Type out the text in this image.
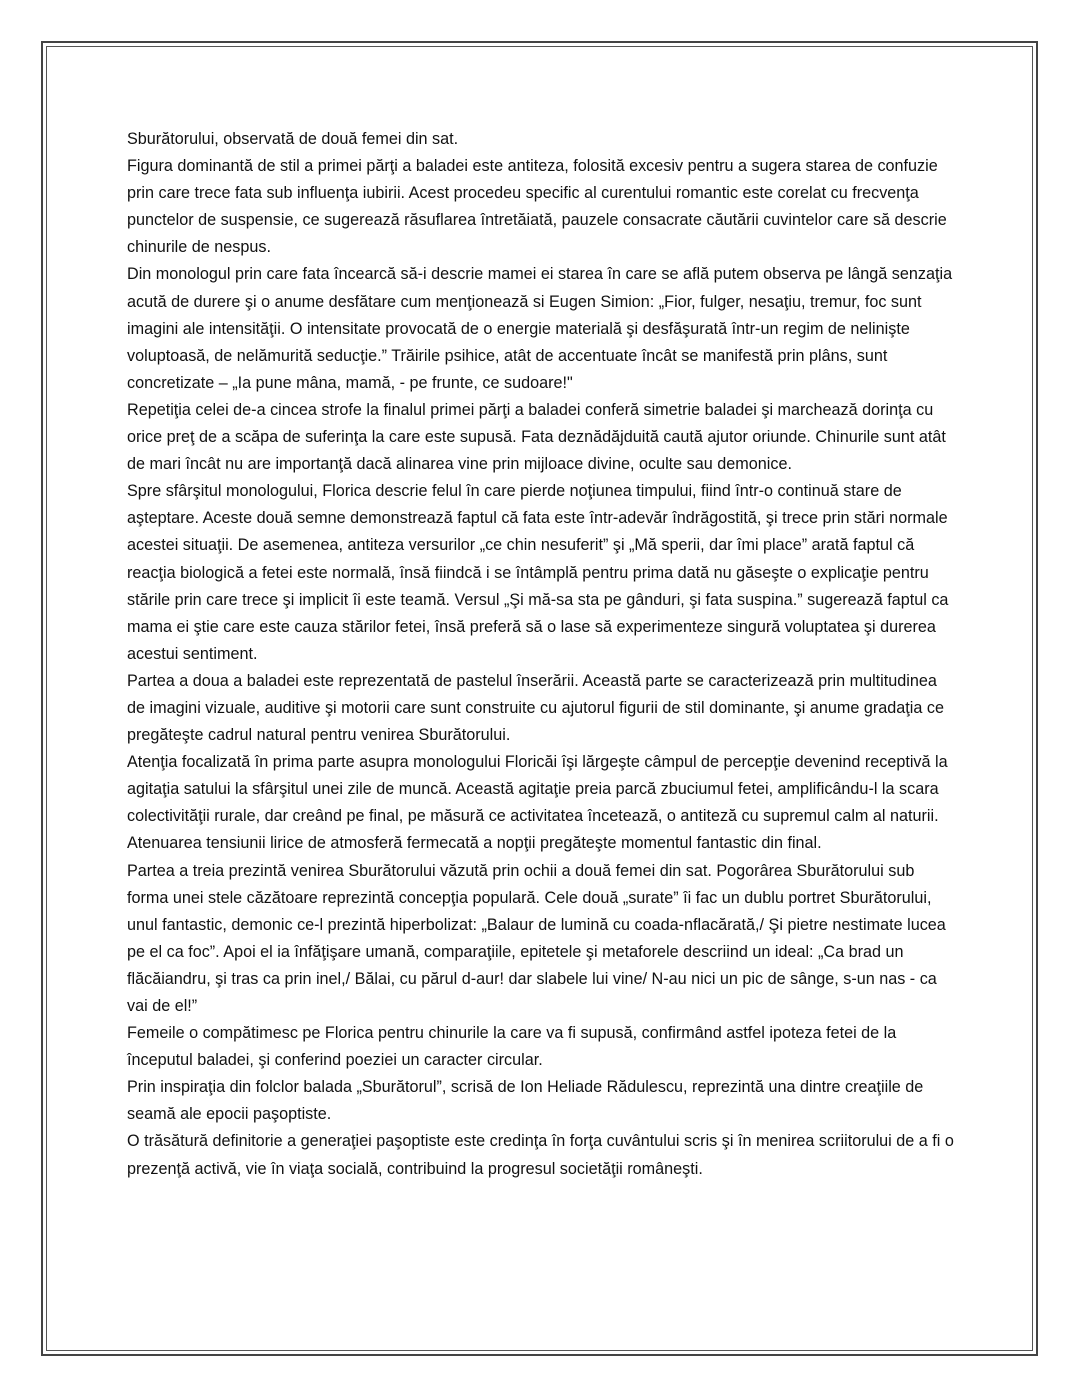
Sburătorului, observată de două femei din sat.

Figura dominantă de stil a primei părţi a baladei este antiteza, folosită excesiv pentru a sugera starea de confuzie prin care trece fata sub influenţa iubirii. Acest procedeu specific al curentului romantic este corelat cu frecvenţa punctelor de suspensie, ce sugerează răsuflarea întretăiată, pauzele consacrate căutării cuvintelor care să descrie chinurile de nespus.

Din monologul prin care fata încearcă să-i descrie mamei ei starea în care se află putem observa pe lângă senzaţia acută de durere şi o anume desfătare cum menţionează si Eugen Simion: „Fior, fulger, nesaţiu, tremur, foc sunt imagini ale intensităţii. O intensitate provocată de o energie materială şi desfăşurată într-un regim de nelinişte voluptoasă, de nelămurită seducţie.” Trăirile psihice, atât de accentuate încât se manifestă prin plâns, sunt concretizate – „Ia pune mâna, mamă, - pe frunte, ce sudoare!"

Repetiţia celei de-a cincea strofe la finalul primei părţi a baladei conferă simetrie baladei şi marchează dorinţa cu orice preţ de a scăpa de suferinţa la care este supusă. Fata deznădăjduită caută ajutor oriunde. Chinurile sunt atât de mari încât nu are importanţă dacă alinarea vine prin mijloace divine, oculte sau demonice.

Spre sfârşitul monologului, Florica descrie felul în care pierde noţiunea timpului, fiind într-o continuă stare de aşteptare. Aceste două semne demonstrează faptul că fata este într-adevăr îndrăgostită, şi trece prin stări normale acestei situaţii. De asemenea, antiteza versurilor „ce chin nesuferit” şi „Mă sperii, dar îmi place” arată faptul că reacţia biologică a fetei este normală, însă fiindcă i se întâmplă pentru prima dată nu găseşte o explicaţie pentru stările prin care trece şi implicit îi este teamă. Versul „Şi mă-sa sta pe gânduri, şi fata suspina.” sugerează faptul ca mama ei ştie care este cauza stărilor fetei, însă preferă să o lase să experimenteze singură voluptatea şi durerea acestui sentiment.

Partea a doua a baladei este reprezentată de pastelul înserării. Această parte se caracterizează prin multitudinea de imagini vizuale, auditive şi motorii care sunt construite cu ajutorul figurii de stil dominante, şi anume gradaţia ce pregăteşte cadrul natural pentru venirea Sburătorului.

Atenţia focalizată în prima parte asupra monologului Floricăi îşi lărgeşte câmpul de percepţie devenind receptivă la agitaţia satului la sfârşitul unei zile de muncă. Această agitaţie preia parcă zbuciumul fetei, amplificându-l la scara colectivităţii rurale, dar creând pe final, pe măsură ce activitatea încetează, o antiteză cu supremul calm al naturii. Atenuarea tensiunii lirice de atmosferă fermecată a nopţii pregăteşte momentul fantastic din final.

Partea a treia prezintă venirea Sburătorului văzută prin ochii a două femei din sat. Pogorârea Sburătorului sub forma unei stele căzătoare reprezintă concepţia populară. Cele două „surate” îi fac un dublu portret Sburătorului, unul fantastic, demonic ce-l prezintă hiperbolizat: „Balaur de lumină cu coada-nflacărată,/ Şi pietre nestimate lucea pe el ca foc”. Apoi el ia înfăţişare umană, comparaţiile, epitetele şi metaforele descriind un ideal: „Ca brad un flăcăiandru, şi tras ca prin inel,/ Bălai, cu părul d-aur! dar slabele lui vine/ N-au nici un pic de sânge, s-un nas - ca vai de el!”

Femeile o compătimesc pe Florica pentru chinurile la care va fi supusă, confirmând astfel ipoteza fetei de la începutul baladei, şi conferind poeziei un caracter circular.

Prin inspiraţia din folclor balada „Sburătorul”, scrisă de Ion Heliade Rădulescu, reprezintă una dintre creaţiile de seamă ale epocii paşoptiste.

O trăsătură definitorie a generaţiei paşoptiste este credinţa în forţa cuvântului scris şi în menirea scriitorului de a fi o prezenţă activă, vie în viaţa socială, contribuind la progresul societăţii româneşti.
